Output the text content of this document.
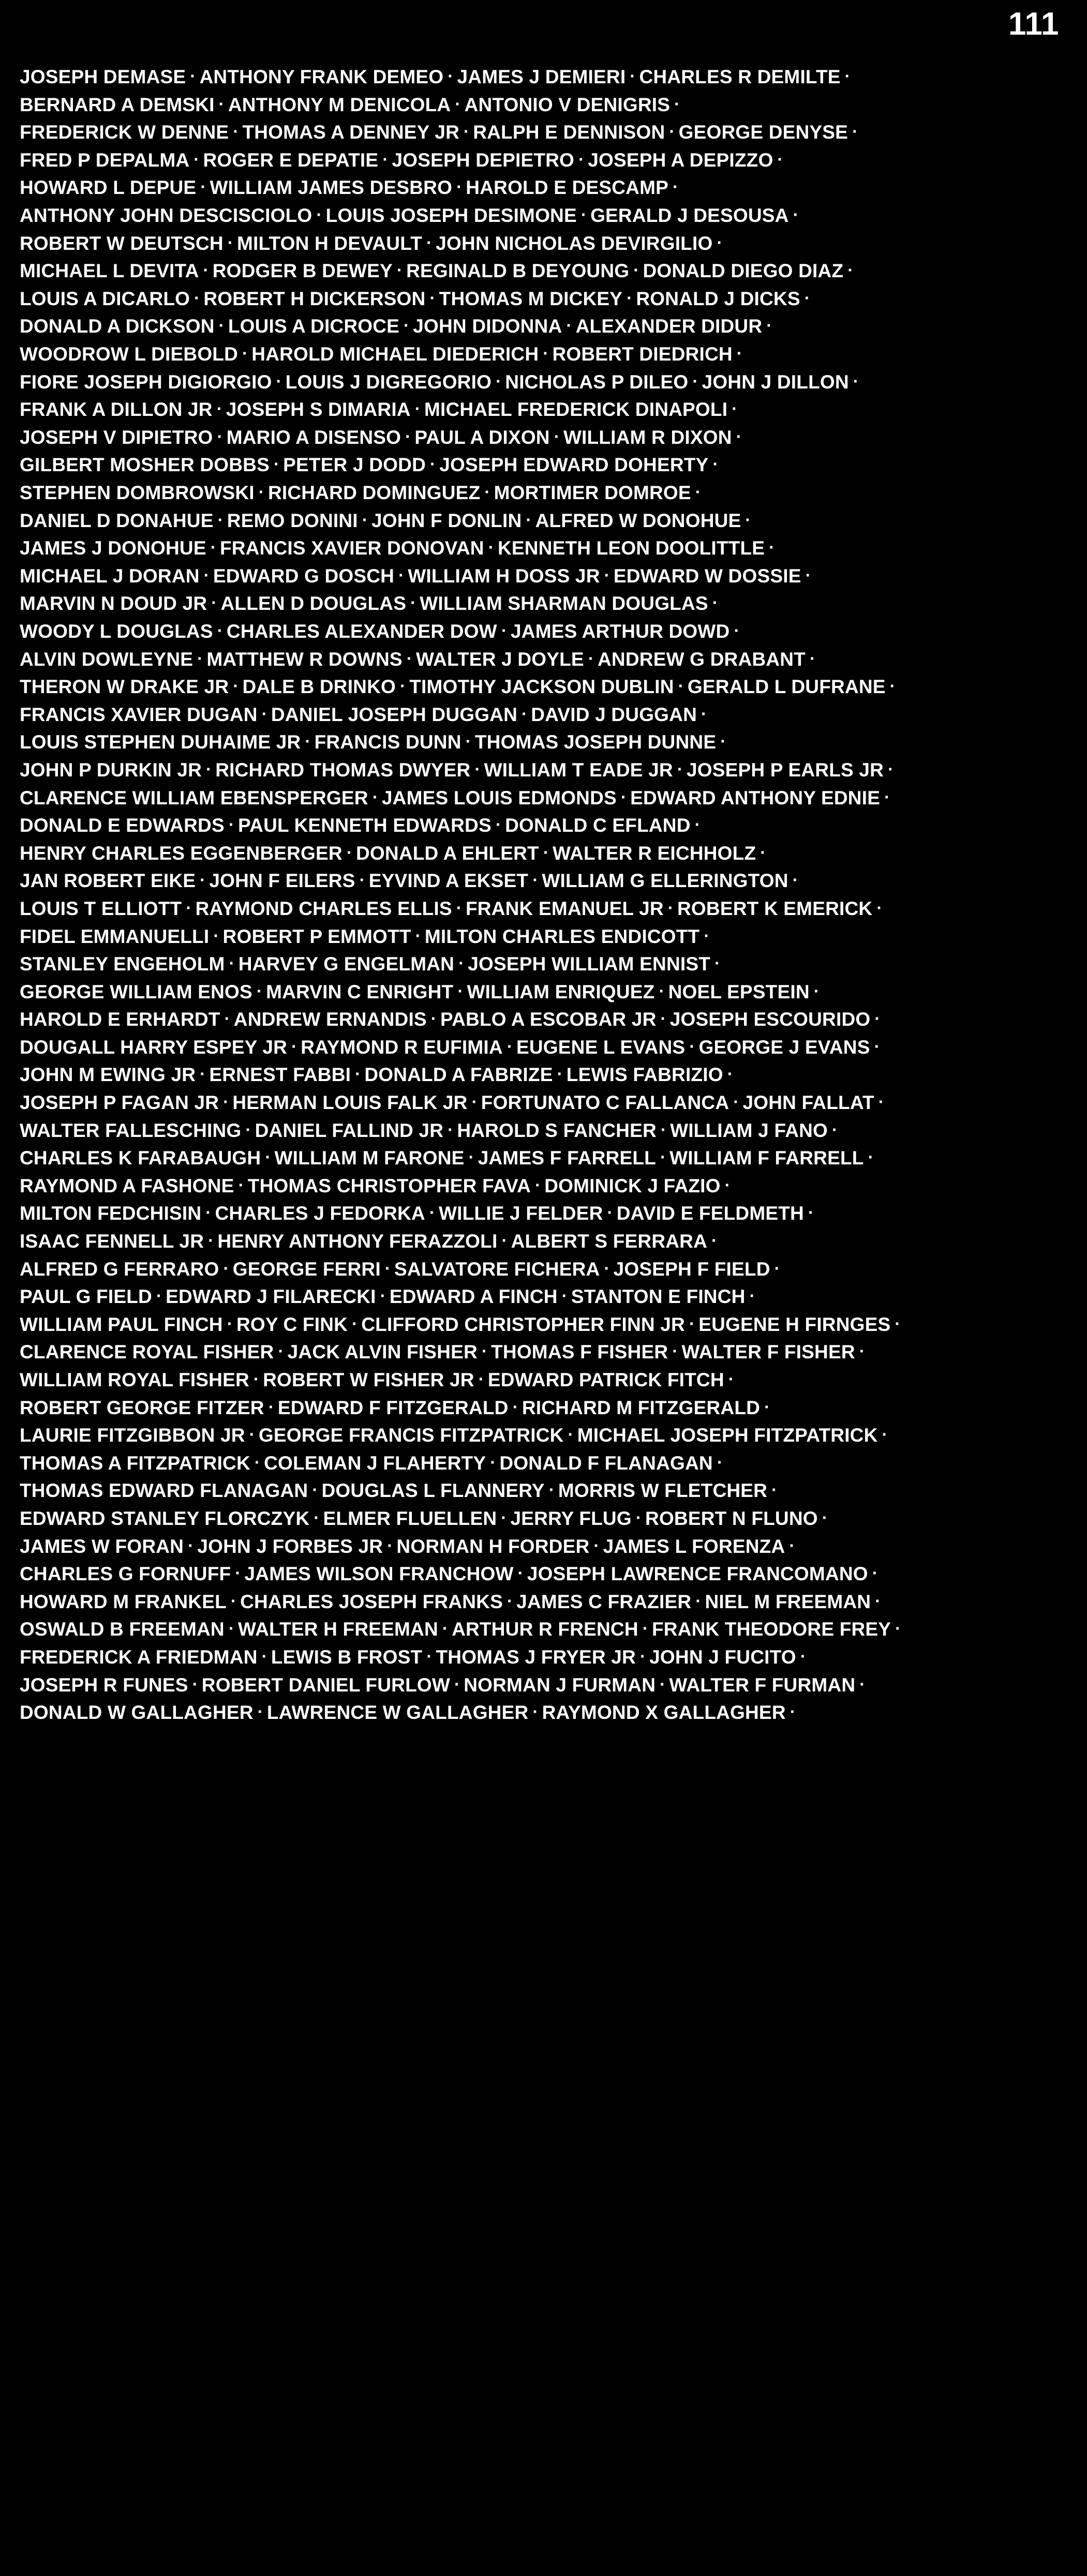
111
JOSEPH DEMASE · ANTHONY FRANK DEMEO · JAMES J DEMIERI · CHARLES R DEMILTE ·
BERNARD A DEMSKI · ANTHONY M DENICOLA · ANTONIO V DENIGRIS ·
FREDERICK W DENNE · THOMAS A DENNEY JR · RALPH E DENNISON · GEORGE DENYSE ·
FRED P DEPALMA · ROGER E DEPATIE · JOSEPH DEPIETRO · JOSEPH A DEPIZZO ·
HOWARD L DEPUE · WILLIAM JAMES DESBRO · HAROLD E DESCAMP ·
ANTHONY JOHN DESCISCIOLO · LOUIS JOSEPH DESIMONE · GERALD J DESOUSA ·
ROBERT W DEUTSCH · MILTON H DEVAULT · JOHN NICHOLAS DEVIRGILIO ·
MICHAEL L DEVITA · RODGER B DEWEY · REGINALD B DEYOUNG · DONALD DIEGO DIAZ ·
LOUIS A DICARLO · ROBERT H DICKERSON · THOMAS M DICKEY · RONALD J DICKS ·
DONALD A DICKSON · LOUIS A DICROCE · JOHN DIDONNA · ALEXANDER DIDUR ·
WOODROW L DIEBOLD · HAROLD MICHAEL DIEDERICH · ROBERT DIEDRICH ·
FIORE JOSEPH DIGIORGIO · LOUIS J DIGREGORIO · NICHOLAS P DILEO · JOHN J DILLON ·
FRANK A DILLON JR · JOSEPH S DIMARIA · MICHAEL FREDERICK DINAPOLI ·
JOSEPH V DIPIETRO · MARIO A DISENSO · PAUL A DIXON · WILLIAM R DIXON ·
GILBERT MOSHER DOBBS · PETER J DODD · JOSEPH EDWARD DOHERTY ·
STEPHEN DOMBROWSKI · RICHARD DOMINGUEZ · MORTIMER DOMROE ·
DANIEL D DONAHUE · REMO DONINI · JOHN F DONLIN · ALFRED W DONOHUE ·
JAMES J DONOHUE · FRANCIS XAVIER DONOVAN · KENNETH LEON DOOLITTLE ·
MICHAEL J DORAN · EDWARD G DOSCH · WILLIAM H DOSS JR · EDWARD W DOSSIE ·
MARVIN N DOUD JR · ALLEN D DOUGLAS · WILLIAM SHARMAN DOUGLAS ·
WOODY L DOUGLAS · CHARLES ALEXANDER DOW · JAMES ARTHUR DOWD ·
ALVIN DOWLEYNE · MATTHEW R DOWNS · WALTER J DOYLE · ANDREW G DRABANT ·
THERON W DRAKE JR · DALE B DRINKO · TIMOTHY JACKSON DUBLIN · GERALD L DUFRANE ·
FRANCIS XAVIER DUGAN · DANIEL JOSEPH DUGGAN · DAVID J DUGGAN ·
LOUIS STEPHEN DUHAIME JR · FRANCIS DUNN · THOMAS JOSEPH DUNNE ·
JOHN P DURKIN JR · RICHARD THOMAS DWYER · WILLIAM T EADE JR · JOSEPH P EARLS JR ·
CLARENCE WILLIAM EBENSPERGER · JAMES LOUIS EDMONDS · EDWARD ANTHONY EDNIE ·
DONALD E EDWARDS · PAUL KENNETH EDWARDS · DONALD C EFLAND ·
HENRY CHARLES EGGENBERGER · DONALD A EHLERT · WALTER R EICHHOLZ ·
JAN ROBERT EIKE · JOHN F EILERS · EYVIND A EKSET · WILLIAM G ELLERINGTON ·
LOUIS T ELLIOTT · RAYMOND CHARLES ELLIS · FRANK EMANUEL JR · ROBERT K EMERICK ·
FIDEL EMMANUELLI · ROBERT P EMMOTT · MILTON CHARLES ENDICOTT ·
STANLEY ENGEHOLM · HARVEY G ENGELMAN · JOSEPH WILLIAM ENNIST ·
GEORGE WILLIAM ENOS · MARVIN C ENRIGHT · WILLIAM ENRIQUEZ · NOEL EPSTEIN ·
HAROLD E ERHARDT · ANDREW ERNANDIS · PABLO A ESCOBAR JR · JOSEPH ESCOURIDO ·
DOUGALL HARRY ESPEY JR · RAYMOND R EUFIMIA · EUGENE L EVANS · GEORGE J EVANS ·
JOHN M EWING JR · ERNEST FABBI · DONALD A FABRIZE · LEWIS FABRIZIO ·
JOSEPH P FAGAN JR · HERMAN LOUIS FALK JR · FORTUNATO C FALLANCA · JOHN FALLAT ·
WALTER FALLESCHING · DANIEL FALLIND JR · HAROLD S FANCHER · WILLIAM J FANO ·
CHARLES K FARABAUGH · WILLIAM M FARONE · JAMES F FARRELL · WILLIAM F FARRELL ·
RAYMOND A FASHONE · THOMAS CHRISTOPHER FAVA · DOMINICK J FAZIO ·
MILTON FEDCHISIN · CHARLES J FEDORKA · WILLIE J FELDER · DAVID E FELDMETH ·
ISAAC FENNELL JR · HENRY ANTHONY FERAZZOLI · ALBERT S FERRARA ·
ALFRED G FERRARO · GEORGE FERRI · SALVATORE FICHERA · JOSEPH F FIELD ·
PAUL G FIELD · EDWARD J FILARECKI · EDWARD A FINCH · STANTON E FINCH ·
WILLIAM PAUL FINCH · ROY C FINK · CLIFFORD CHRISTOPHER FINN JR · EUGENE H FIRNGES ·
CLARENCE ROYAL FISHER · JACK ALVIN FISHER · THOMAS F FISHER · WALTER F FISHER ·
WILLIAM ROYAL FISHER · ROBERT W FISHER JR · EDWARD PATRICK FITCH ·
ROBERT GEORGE FITZER · EDWARD F FITZGERALD · RICHARD M FITZGERALD ·
LAURIE FITZGIBBON JR · GEORGE FRANCIS FITZPATRICK · MICHAEL JOSEPH FITZPATRICK ·
THOMAS A FITZPATRICK · COLEMAN J FLAHERTY · DONALD F FLANAGAN ·
THOMAS EDWARD FLANAGAN · DOUGLAS L FLANNERY · MORRIS W FLETCHER ·
EDWARD STANLEY FLORCZYK · ELMER FLUELLEN · JERRY FLUG · ROBERT N FLUNO ·
JAMES W FORAN · JOHN J FORBES JR · NORMAN H FORDER · JAMES L FORENZA ·
CHARLES G FORNUFF · JAMES WILSON FRANCHOW · JOSEPH LAWRENCE FRANCOMANO ·
HOWARD M FRANKEL · CHARLES JOSEPH FRANKS · JAMES C FRAZIER · NIEL M FREEMAN ·
OSWALD B FREEMAN · WALTER H FREEMAN · ARTHUR R FRENCH · FRANK THEODORE FREY ·
FREDERICK A FRIEDMAN · LEWIS B FROST · THOMAS J FRYER JR · JOHN J FUCITO ·
JOSEPH R FUNES · ROBERT DANIEL FURLOW · NORMAN J FURMAN · WALTER F FURMAN ·
DONALD W GALLAGHER · LAWRENCE W GALLAGHER · RAYMOND X GALLAGHER ·
